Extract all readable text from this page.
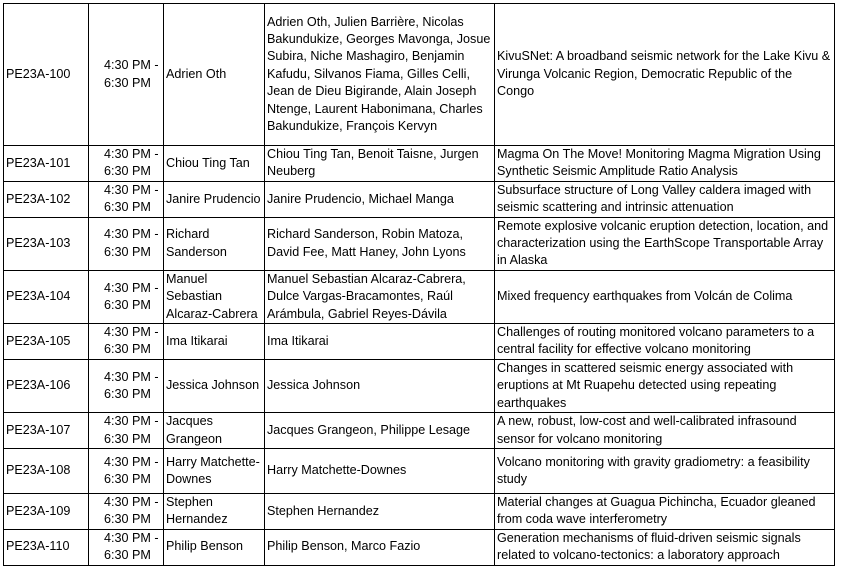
PE23A-100	4:30 PM - 6:30 PM	Adrien Oth	Adrien Oth, Julien Barrière, Nicolas Bakundukize, Georges Mavonga, Josue Subira, Niche Mashagiro, Benjamin Kafudu, Silvanos Fiama, Gilles Celli, Jean de Dieu Bigirande, Alain Joseph Ntenge, Laurent Habonimana, Charles Bakundukize, François Kervyn	KivuSNet: A broadband seismic network for the Lake Kivu & Virunga Volcanic Region, Democratic Republic of the Congo
PE23A-101	4:30 PM - 6:30 PM	Chiou Ting Tan	Chiou Ting Tan, Benoit Taisne, Jurgen Neuberg	Magma On The Move! Monitoring Magma Migration Using Synthetic Seismic Amplitude Ratio Analysis
PE23A-102	4:30 PM - 6:30 PM	Janire Prudencio	Janire Prudencio, Michael Manga	Subsurface structure of Long Valley caldera imaged with seismic scattering and intrinsic attenuation
PE23A-103	4:30 PM - 6:30 PM	Richard Sanderson	Richard Sanderson, Robin Matoza, David Fee, Matt Haney, John Lyons	Remote explosive volcanic eruption detection, location, and characterization using the EarthScope Transportable Array in Alaska
PE23A-104	4:30 PM - 6:30 PM	Manuel Sebastian Alcaraz-Cabrera	Manuel Sebastian Alcaraz-Cabrera, Dulce Vargas-Bracamontes, Raúl Arámbula, Gabriel Reyes-Dávila	Mixed frequency earthquakes from Volcán de Colima
PE23A-105	4:30 PM - 6:30 PM	Ima Itikarai	Ima Itikarai	Challenges of routing monitored volcano parameters to a central facility for effective volcano monitoring
PE23A-106	4:30 PM - 6:30 PM	Jessica Johnson	Jessica Johnson	Changes in scattered seismic energy associated with eruptions at Mt Ruapehu detected using repeating earthquakes
PE23A-107	4:30 PM - 6:30 PM	Jacques Grangeon	Jacques Grangeon, Philippe Lesage	A new, robust, low-cost and well-calibrated infrasound sensor for volcano monitoring
PE23A-108	4:30 PM - 6:30 PM	Harry Matchette-Downes	Harry Matchette-Downes	Volcano monitoring with gravity gradiometry: a feasibility study
PE23A-109	4:30 PM - 6:30 PM	Stephen Hernandez	Stephen Hernandez	Material changes at Guagua Pichincha, Ecuador gleaned from coda wave interferometry
PE23A-110	4:30 PM - 6:30 PM	Philip Benson	Philip Benson, Marco Fazio	Generation mechanisms of fluid-driven seismic signals related to volcano-tectonics: a laboratory approach
